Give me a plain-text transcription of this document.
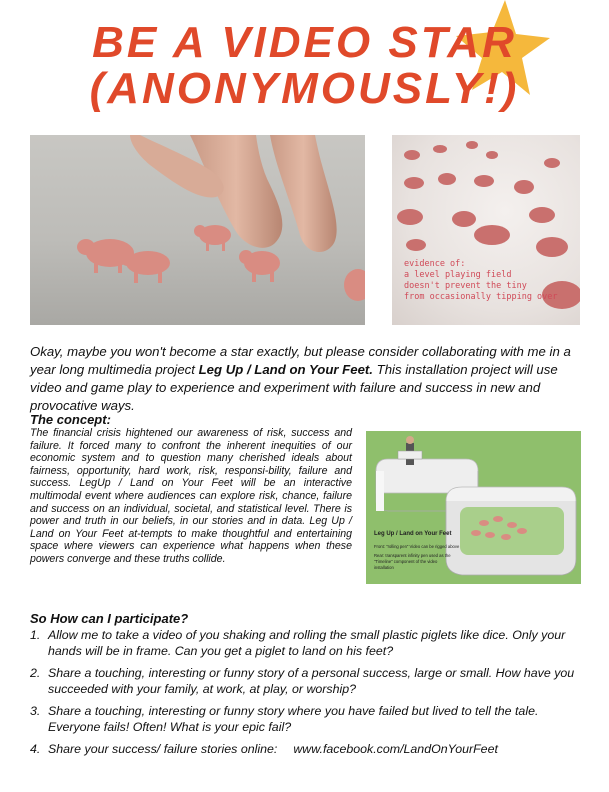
BE A VIDEO STAR
(ANONYMOUSLY!)
evidence of:
a level playing field
doesn't prevent the tiny
from occasionally tipping over

Okay, maybe you won't become a star exactly, but please consider collaborating with me in a year long multimedia project Leg Up / Land on Your Feet. This installation project will use video and game play to experience and experiment with failure and success in new and provocative ways.

The concept:

The financial crisis hightened our awareness of risk, success and failure. It forced many to confront the inherent inequities of our economic system and to question many cherished ideals about fairness, opportunity, hard work, risk, responsi-bility, failure and success. LegUp / Land on Your Feet will be an interactive multimodal event where audiences can explore risk, chance, failure and success on an individual, societal, and statistical level. There is power and truth in our beliefs, in our stories and in data. Leg Up / Land on Your Feet at-tempts to make thoughtful and entertaining space where viewers can experience what happens when these powers converge and these truths collide.

Leg Up / Land on Your Feet
Front: "rolling pen" Video can be rigged above
Rear: transparent infinity pen used as the
"Timeline" component of the video
installation
So How can I participate?
1. Allow me to take a video of you shaking and rolling the small plastic piglets like dice. Only your hands will be in frame. Can you get a piglet to land on his feet?
2. Share a touching, interesting or funny story of a personal success, large or small. How have you succeeded with your family, at work, at play, or worship?
3. Share a touching, interesting or funny story where you have failed but lived to tell the tale. Everyone fails! Often! What is your epic fail?
4. Share your success/ failure stories online: www.facebook.com/LandOnYourFeet
